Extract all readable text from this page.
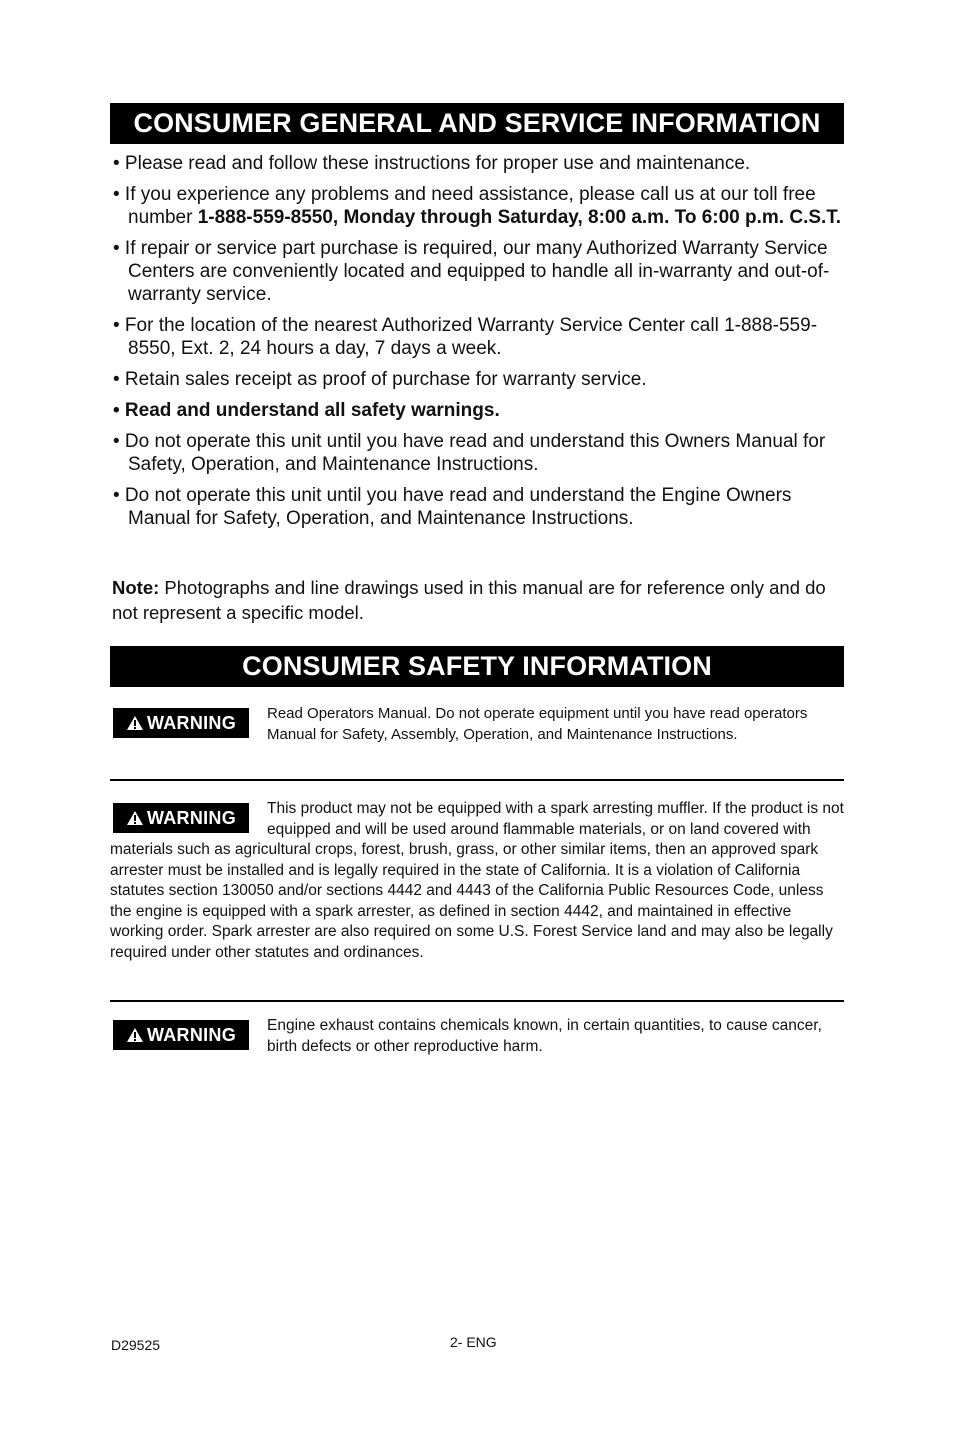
CONSUMER GENERAL AND SERVICE INFORMATION
• Please read and follow these instructions for proper use and maintenance.
• If you experience any problems and need assistance, please call us at our toll free number 1-888-559-8550, Monday through Saturday, 8:00 a.m. To 6:00 p.m. C.S.T.
• If repair or service part purchase is required, our many Authorized Warranty Service Centers are conveniently located and equipped to handle all in-warranty and out-of-warranty service.
• For the location of the nearest Authorized Warranty Service Center call 1-888-559-8550, Ext. 2, 24 hours a day, 7 days a week.
• Retain sales receipt as proof of purchase for warranty service.
• Read and understand all safety warnings.
• Do not operate this unit until you have read and understand this Owners Manual for Safety, Operation, and Maintenance Instructions.
• Do not operate this unit until you have read and understand the Engine Owners Manual for Safety, Operation, and Maintenance Instructions.
Note: Photographs and line drawings used in this manual are for reference only and do not represent a specific model.
CONSUMER SAFETY INFORMATION
WARNING Read Operators Manual. Do not operate equipment until you have read operators Manual for Safety, Assembly, Operation, and Maintenance Instructions.
WARNING This product may not be equipped with a spark arresting muffler. If the product is not equipped and will be used around flammable materials, or on land covered with materials such as agricultural crops, forest, brush, grass, or other similar items, then an approved spark arrester must be installed and is legally required in the state of California. It is a violation of California statutes section 130050 and/or sections 4442 and 4443 of the California Public Resources Code, unless the engine is equipped with a spark arrester, as defined in section 4442, and maintained in effective working order. Spark arrester are also required on some U.S. Forest Service land and may also be legally required under other statutes and ordinances.
WARNING Engine exhaust contains chemicals known, in certain quantities, to cause cancer, birth defects or other reproductive harm.
D29525	2- ENG
